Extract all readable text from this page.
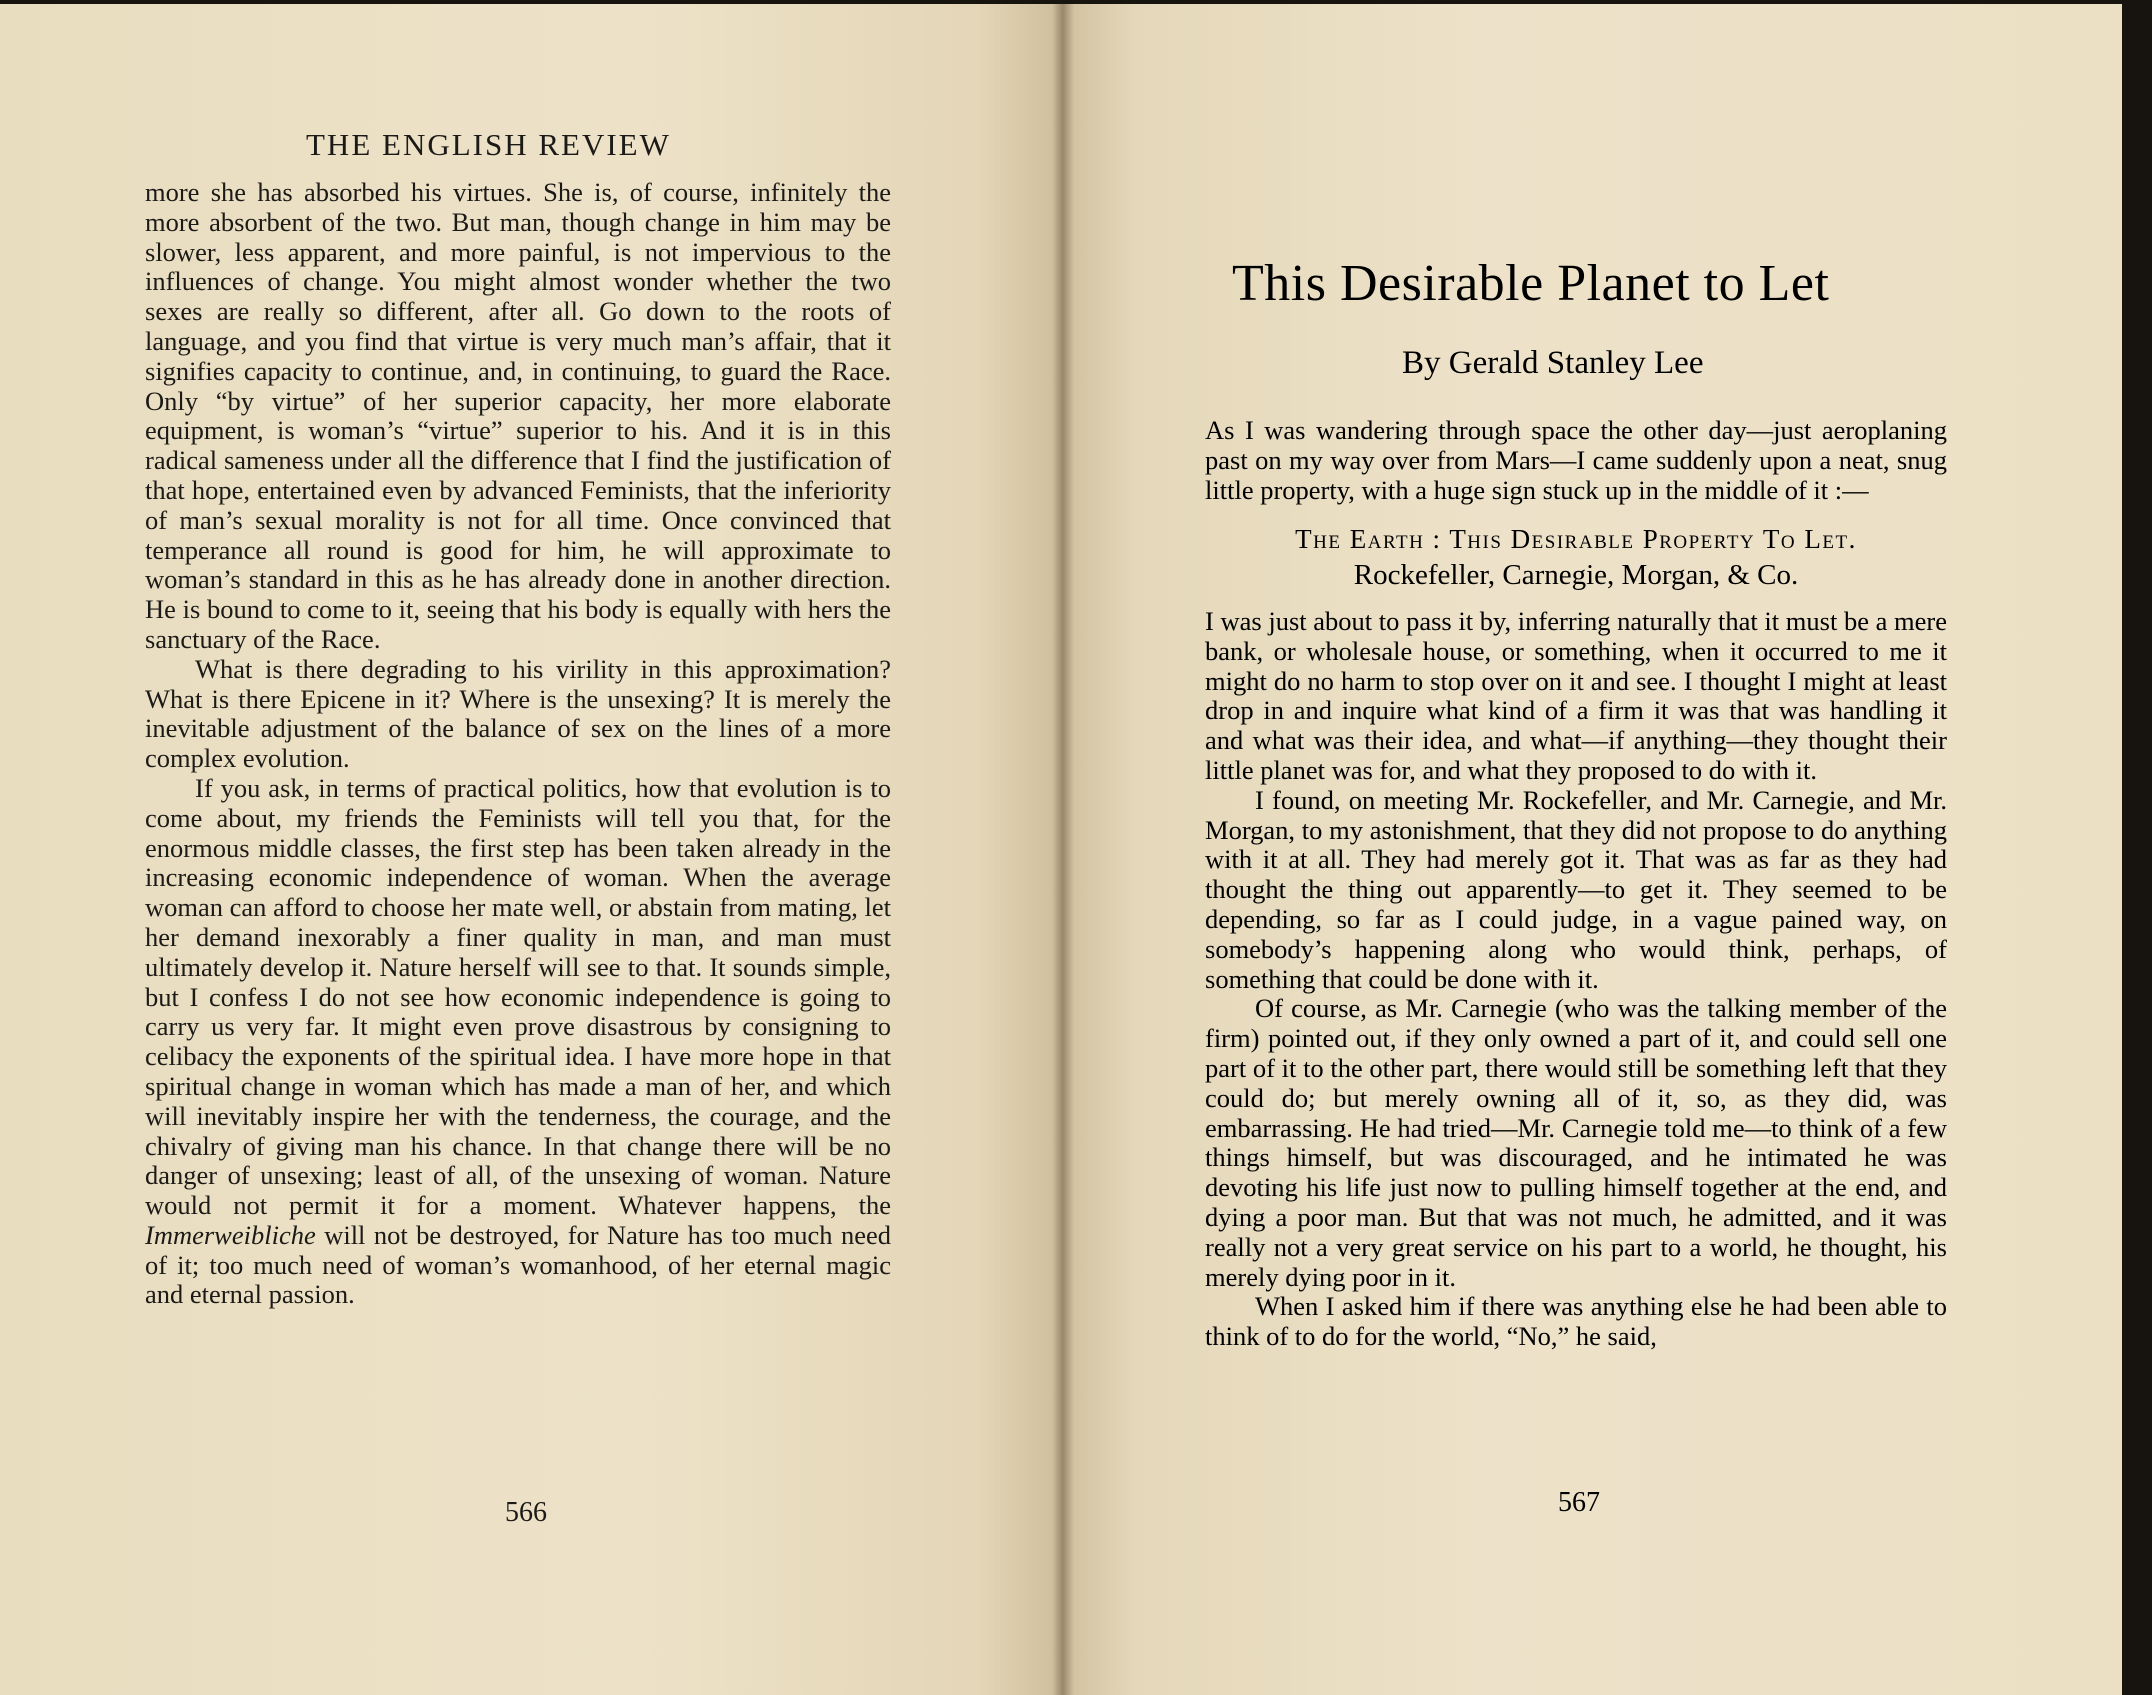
THE ENGLISH REVIEW

more she has absorbed his virtues. She is, of course, infinitely the more absorbent of the two. But man, though change in him may be slower, less apparent, and more painful, is not impervious to the influences of change. You might almost wonder whether the two sexes are really so different, after all. Go down to the roots of language, and you find that virtue is very much man’s affair, that it signifies capacity to continue, and, in continuing, to guard the Race. Only “by virtue” of her superior capacity, her more elaborate equipment, is woman’s “virtue” superior to his. And it is in this radical sameness under all the difference that I find the justification of that hope, entertained even by advanced Feminists, that the inferiority of man’s sexual morality is not for all time. Once convinced that temperance all round is good for him, he will approximate to woman’s standard in this as he has already done in another direction. He is bound to come to it, seeing that his body is equally with hers the sanctuary of the Race.

What is there degrading to his virility in this approximation? What is there Epicene in it? Where is the unsexing? It is merely the inevitable adjustment of the balance of sex on the lines of a more complex evolution.

If you ask, in terms of practical politics, how that evolution is to come about, my friends the Feminists will tell you that, for the enormous middle classes, the first step has been taken already in the increasing economic independence of woman. When the average woman can afford to choose her mate well, or abstain from mating, let her demand inexorably a finer quality in man, and man must ultimately develop it. Nature herself will see to that. It sounds simple, but I confess I do not see how economic independence is going to carry us very far. It might even prove disastrous by consigning to celibacy the exponents of the spiritual idea. I have more hope in that spiritual change in woman which has made a man of her, and which will inevitably inspire her with the tenderness, the courage, and the chivalry of giving man his chance. In that change there will be no danger of unsexing; least of all, of the unsexing of woman. Nature would not permit it for a moment. Whatever happens, the Immerweibliche will not be destroyed, for Nature has too much need of it; too much need of woman’s womanhood, of her eternal magic and eternal passion.

566
This Desirable Planet to Let
By Gerald Stanley Lee

As I was wandering through space the other day—just aeroplaning past on my way over from Mars—I came suddenly upon a neat, snug little property, with a huge sign stuck up in the middle of it :—

The Earth : This Desirable Property To Let.

Rockefeller, Carnegie, Morgan, & Co.

I was just about to pass it by, inferring naturally that it must be a mere bank, or wholesale house, or something, when it occurred to me it might do no harm to stop over on it and see. I thought I might at least drop in and inquire what kind of a firm it was that was handling it and what was their idea, and what—if anything—they thought their little planet was for, and what they proposed to do with it.

I found, on meeting Mr. Rockefeller, and Mr. Carnegie, and Mr. Morgan, to my astonishment, that they did not propose to do anything with it at all. They had merely got it. That was as far as they had thought the thing out apparently—to get it. They seemed to be depending, so far as I could judge, in a vague pained way, on somebody’s happening along who would think, perhaps, of something that could be done with it.

Of course, as Mr. Carnegie (who was the talking member of the firm) pointed out, if they only owned a part of it, and could sell one part of it to the other part, there would still be something left that they could do; but merely owning all of it, so, as they did, was embarrassing. He had tried—Mr. Carnegie told me—to think of a few things himself, but was discouraged, and he intimated he was devoting his life just now to pulling himself together at the end, and dying a poor man. But that was not much, he admitted, and it was really not a very great service on his part to a world, he thought, his merely dying poor in it.

When I asked him if there was anything else he had been able to think of to do for the world, “No,” he said,

567
